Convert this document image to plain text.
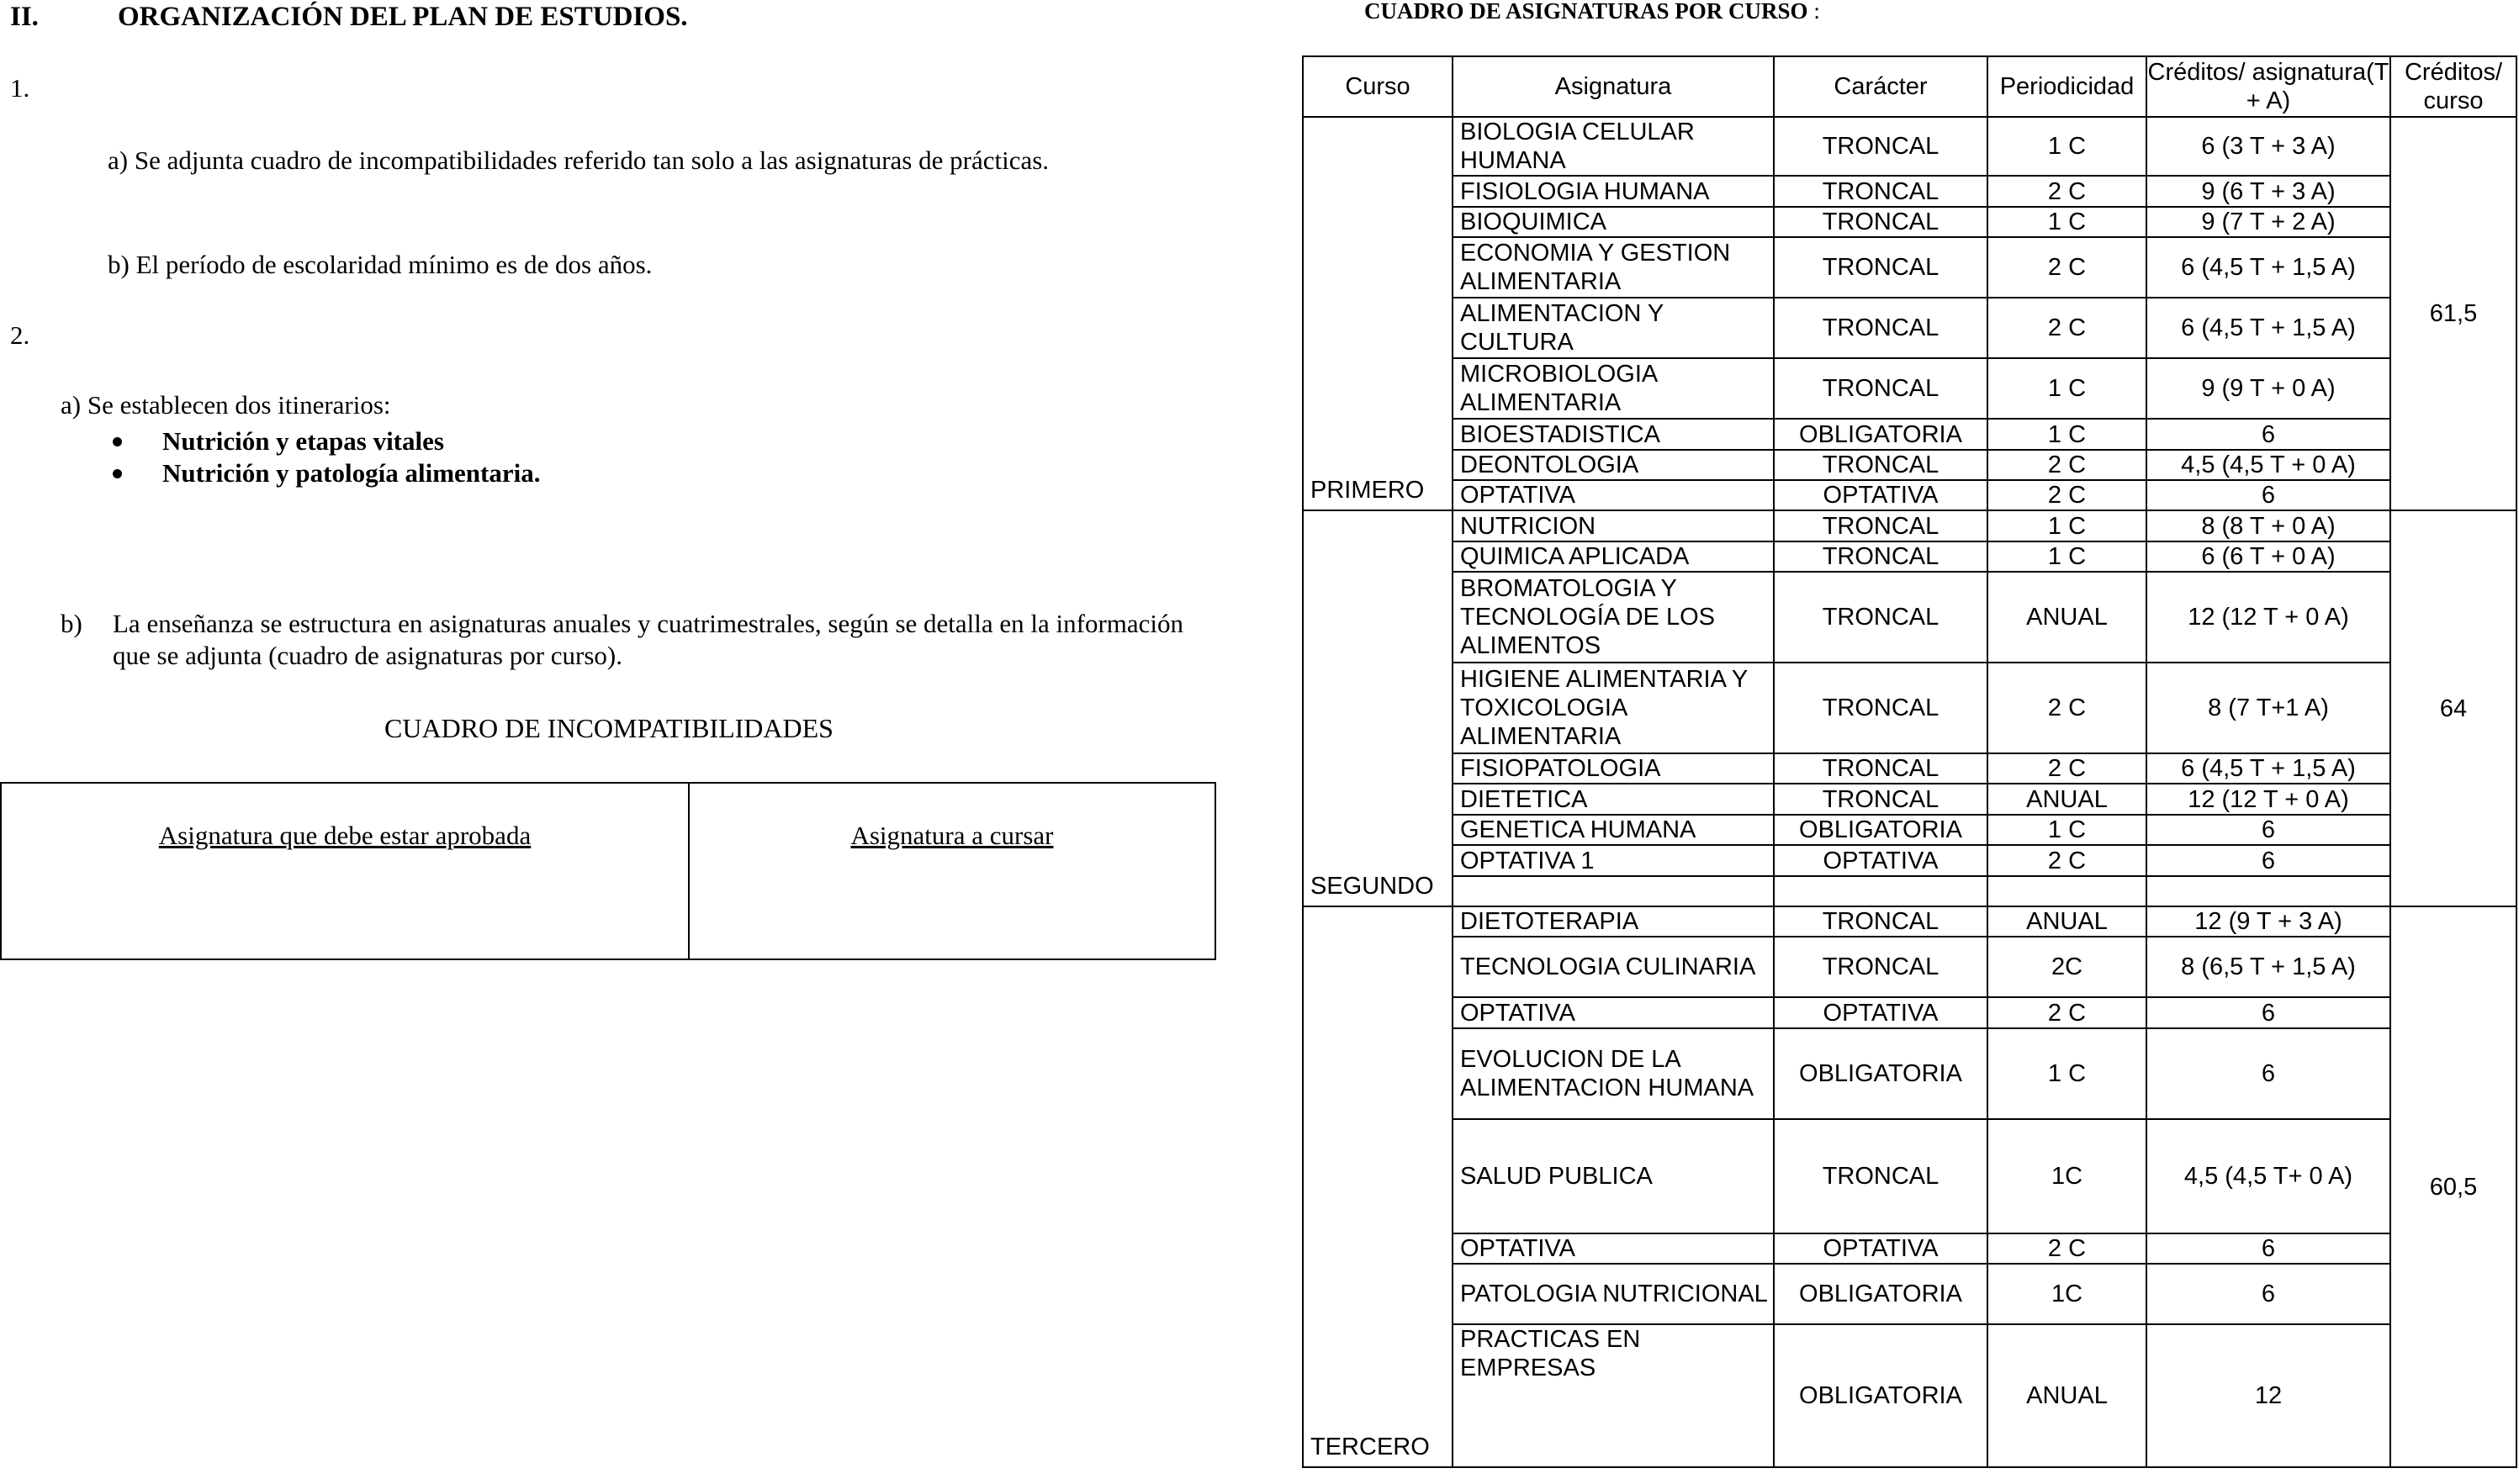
II.	ORGANIZACIÓN DEL PLAN DE ESTUDIOS.
1.
a) Se adjunta cuadro de incompatibilidades referido tan solo a las asignaturas de prácticas.
b) El período de escolaridad mínimo es de dos años.
2.
a) Se establecen dos itinerarios:
Nutrición y etapas vitales
Nutrición y patología alimentaria.
b) La enseñanza se estructura en asignaturas anuales y cuatrimestrales, según se detalla en la información que se adjunta (cuadro de asignaturas por curso).
CUADRO DE INCOMPATIBILIDADES
Asignatura que debe estar aprobada	Asignatura a cursar
CUADRO DE ASIGNATURAS POR CURSO :
Curso	Asignatura	Carácter	Periodicidad	Créditos/ asignatura(T + A)	Créditos/ curso
PRIMERO	BIOLOGIA CELULAR HUMANA	TRONCAL	1 C	6 (3 T + 3 A)	61,5
	FISIOLOGIA HUMANA	TRONCAL	2 C	9 (6 T + 3 A)	
	BIOQUIMICA	TRONCAL	1 C	9 (7 T + 2 A)	
	ECONOMIA Y GESTION ALIMENTARIA	TRONCAL	2 C	6 (4,5 T + 1,5 A)	
	ALIMENTACION Y CULTURA	TRONCAL	2 C	6 (4,5 T + 1,5 A)	
	MICROBIOLOGIA ALIMENTARIA	TRONCAL	1 C	9 (9 T + 0 A)	
	BIOESTADISTICA	OBLIGATORIA	1 C	6	
	DEONTOLOGIA	TRONCAL	2 C	4,5 (4,5 T + 0 A)	
	OPTATIVA	OPTATIVA	2 C	6	
SEGUNDO	NUTRICION	TRONCAL	1 C	8 (8 T + 0 A)	64
	QUIMICA APLICADA	TRONCAL	1 C	6 (6 T + 0 A)	
	BROMATOLOGIA Y TECNOLOGÍA DE LOS ALIMENTOS	TRONCAL	ANUAL	12 (12 T + 0 A)	
	HIGIENE ALIMENTARIA Y TOXICOLOGIA ALIMENTARIA	TRONCAL	2 C	8 (7 T+1 A)	
	FISIOPATOLOGIA	TRONCAL	2 C	6 (4,5 T + 1,5 A)	
	DIETETICA	TRONCAL	ANUAL	12 (12 T + 0 A)	
	GENETICA HUMANA	OBLIGATORIA	1 C	6	
	OPTATIVA 1	OPTATIVA	2 C	6	

TERCERO	DIETOTERAPIA	TRONCAL	ANUAL	12 (9 T + 3 A)	60,5
	TECNOLOGIA CULINARIA	TRONCAL	2C	8 (6,5 T + 1,5 A)	
	OPTATIVA	OPTATIVA	2 C	6	
	EVOLUCION DE LA ALIMENTACION HUMANA	OBLIGATORIA	1 C	6	
	SALUD PUBLICA	TRONCAL	1C	4,5 (4,5 T+ 0 A)	
	OPTATIVA	OPTATIVA	2 C	6	
	PATOLOGIA NUTRICIONAL	OBLIGATORIA	1C	6	
	PRACTICAS EN EMPRESAS	OBLIGATORIA	ANUAL	12	
